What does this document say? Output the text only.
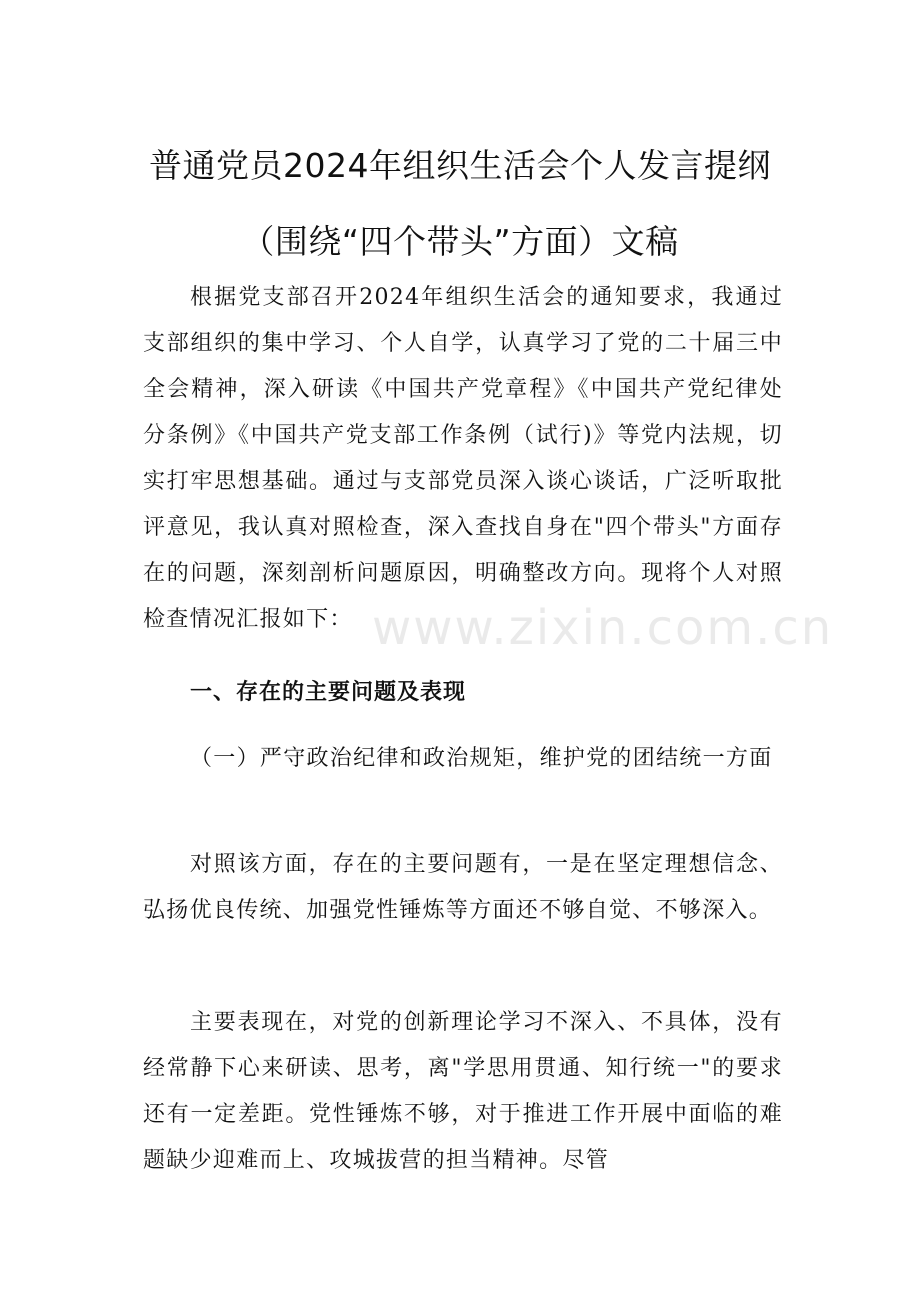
普通党员2024年组织生活会个人发言提纲
（围绕“四个带头”方面）文稿

根据党支部召开2024年组织生活会的通知要求，我通过支部组织的集中学习、个人自学，认真学习了党的二十届三中全会精神，深入研读《中国共产党章程》《中国共产党纪律处分条例》《中国共产党支部工作条例（试行)》等党内法规，切实打牢思想基础。通过与支部党员深入谈心谈话，广泛听取批评意见，我认真对照检查，深入查找自身在"四个带头"方面存在的问题，深刻剖析问题原因，明确整改方向。现将个人对照检查情况汇报如下：

一、存在的主要问题及表现

（一）严守政治纪律和政治规矩，维护党的团结统一方面

对照该方面，存在的主要问题有，一是在坚定理想信念、弘扬优良传统、加强党性锤炼等方面还不够自觉、不够深入。

主要表现在，对党的创新理论学习不深入、不具体，没有经常静下心来研读、思考，离"学思用贯通、知行统一"的要求还有一定差距。党性锤炼不够，对于推进工作开展中面临的难题缺少迎难而上、攻城拔营的担当精神。尽管

www.zixin.com.cn
